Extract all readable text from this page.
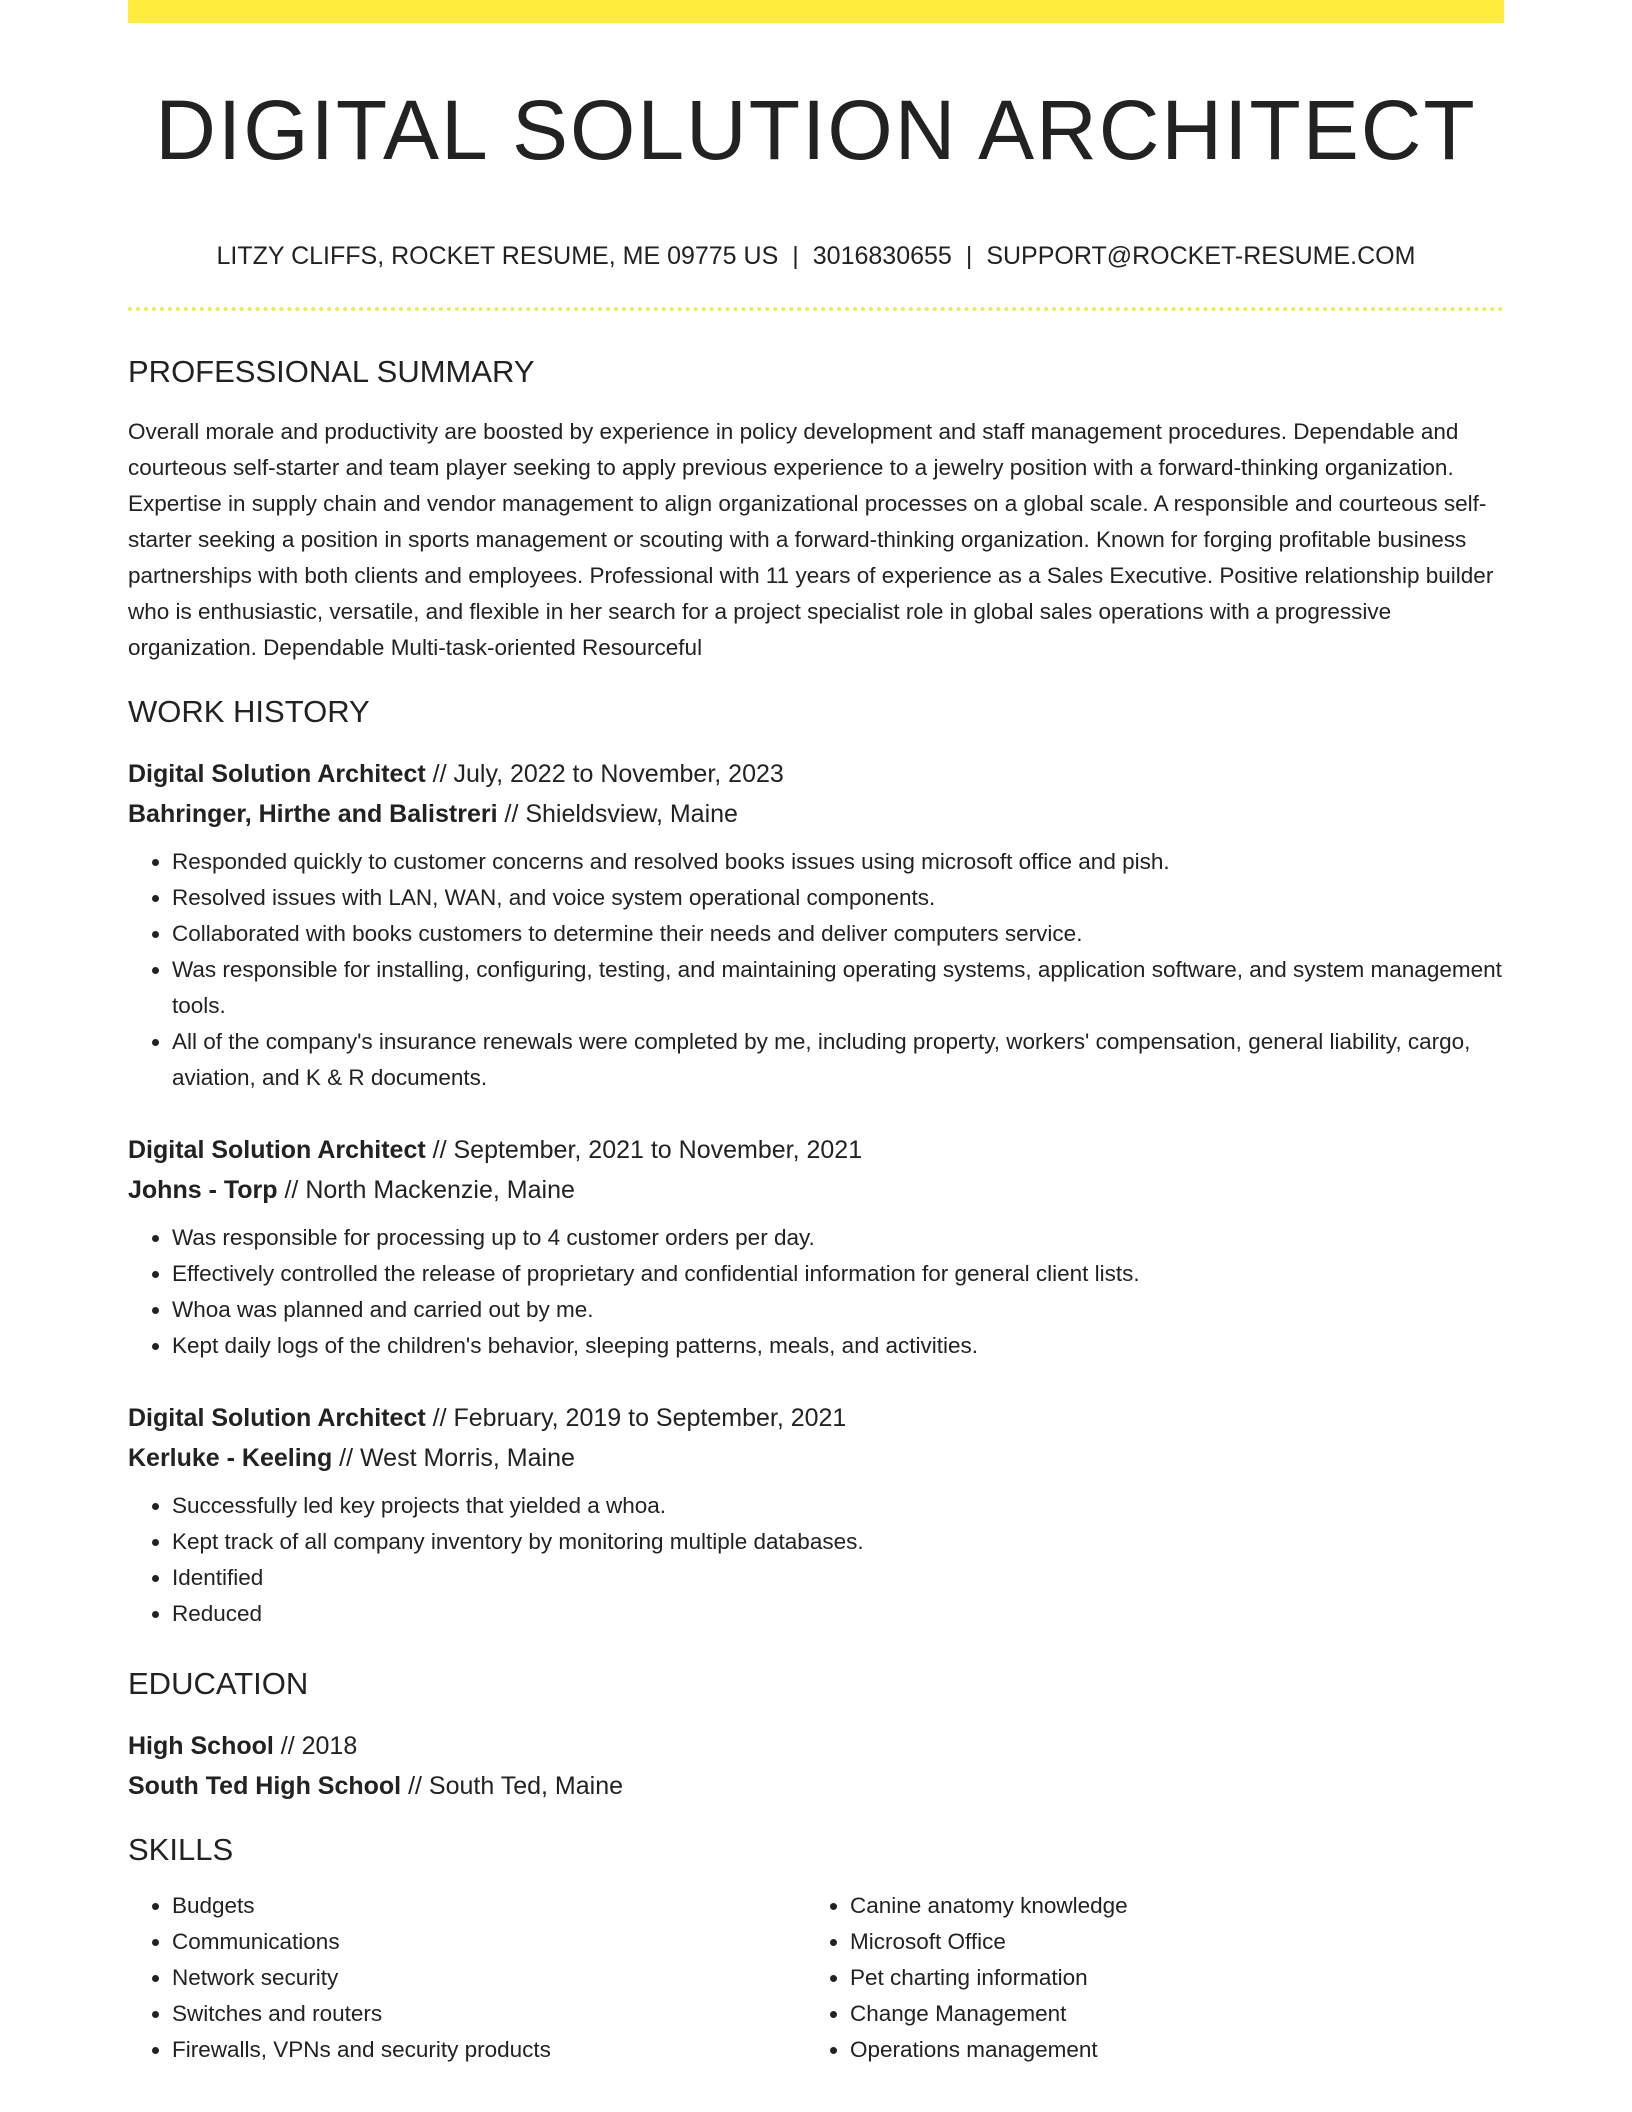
DIGITAL SOLUTION ARCHITECT
LITZY CLIFFS, ROCKET RESUME, ME 09775 US | 3016830655 | SUPPORT@ROCKET-RESUME.COM
PROFESSIONAL SUMMARY
Overall morale and productivity are boosted by experience in policy development and staff management procedures. Dependable and courteous self-starter and team player seeking to apply previous experience to a jewelry position with a forward-thinking organization. Expertise in supply chain and vendor management to align organizational processes on a global scale. A responsible and courteous self-starter seeking a position in sports management or scouting with a forward-thinking organization. Known for forging profitable business partnerships with both clients and employees. Professional with 11 years of experience as a Sales Executive. Positive relationship builder who is enthusiastic, versatile, and flexible in her search for a project specialist role in global sales operations with a progressive organization. Dependable Multi-task-oriented Resourceful
WORK HISTORY
Digital Solution Architect // July, 2022 to November, 2023
Bahringer, Hirthe and Balistreri // Shieldsview, Maine
• Responded quickly to customer concerns and resolved books issues using microsoft office and pish.
• Resolved issues with LAN, WAN, and voice system operational components.
• Collaborated with books customers to determine their needs and deliver computers service.
• Was responsible for installing, configuring, testing, and maintaining operating systems, application software, and system management tools.
• All of the company's insurance renewals were completed by me, including property, workers' compensation, general liability, cargo, aviation, and K & R documents.
Digital Solution Architect // September, 2021 to November, 2021
Johns - Torp // North Mackenzie, Maine
• Was responsible for processing up to 4 customer orders per day.
• Effectively controlled the release of proprietary and confidential information for general client lists.
• Whoa was planned and carried out by me.
• Kept daily logs of the children's behavior, sleeping patterns, meals, and activities.
Digital Solution Architect // February, 2019 to September, 2021
Kerluke - Keeling // West Morris, Maine
• Successfully led key projects that yielded a whoa.
• Kept track of all company inventory by monitoring multiple databases.
• Identified
• Reduced
EDUCATION
High School // 2018
South Ted High School // South Ted, Maine
SKILLS
• Budgets
• Communications
• Network security
• Switches and routers
• Firewalls, VPNs and security products
• Canine anatomy knowledge
• Microsoft Office
• Pet charting information
• Change Management
• Operations management
